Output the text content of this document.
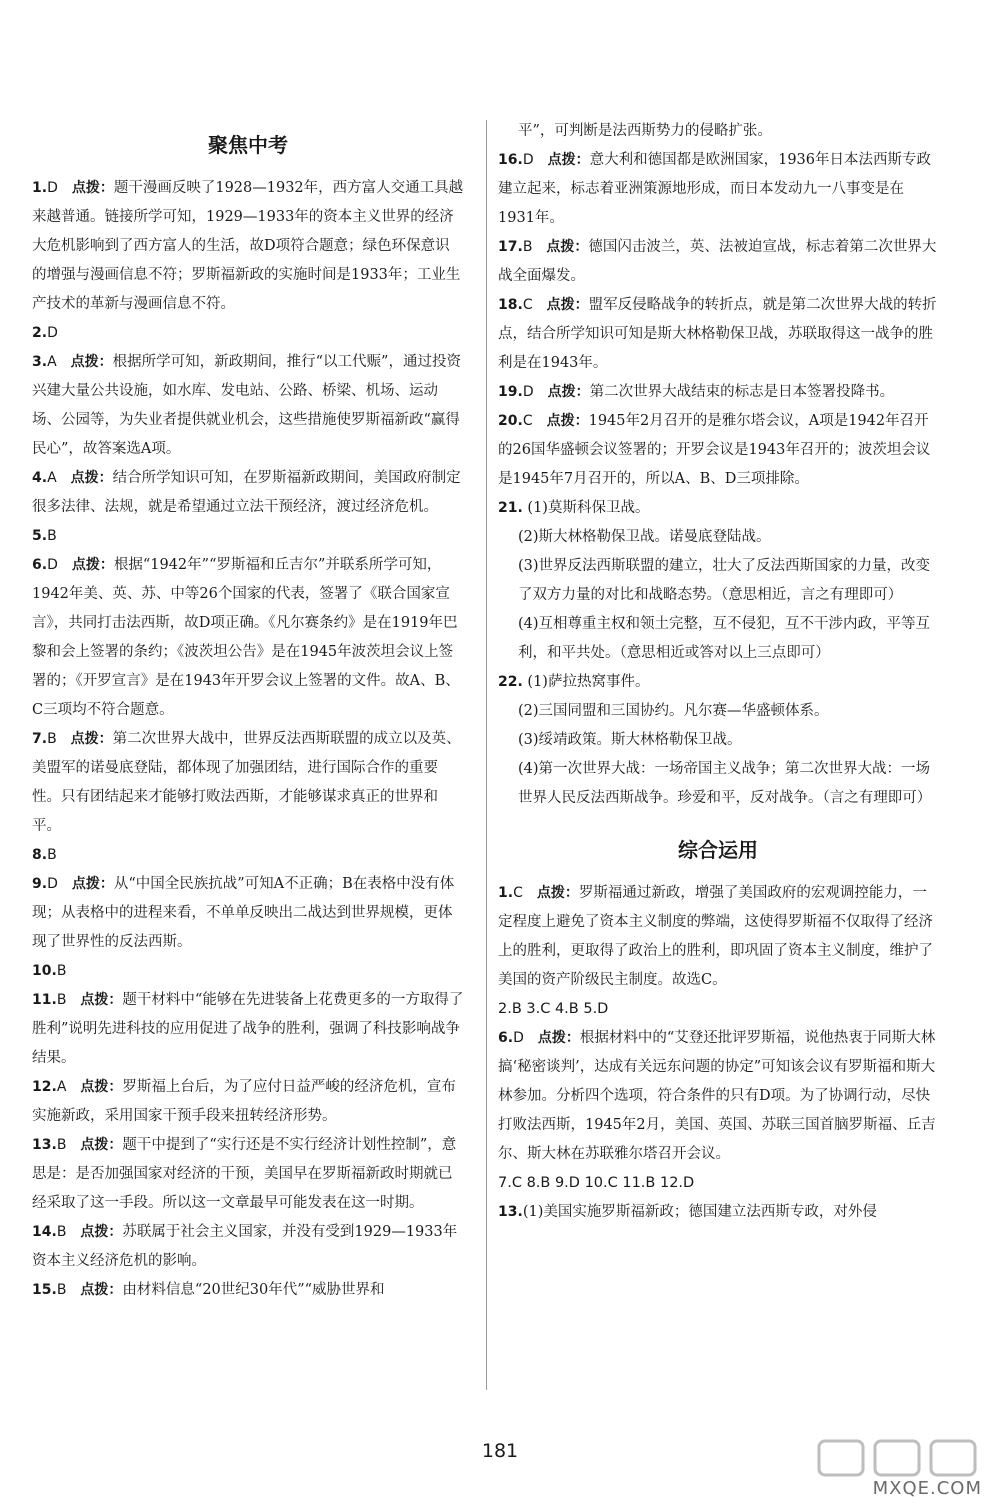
聚焦中考
1.D 点拨：题干漫画反映了1928—1932年，西方富人交通工具越来越普通。链接所学可知，1929—1933年的资本主义世界的经济大危机影响到了西方富人的生活，故D项符合题意；绿色环保意识的增强与漫画信息不符；罗斯福新政的实施时间是1933年；工业生产技术的革新与漫画信息不符。
2.D
3.A 点拨：根据所学可知，新政期间，推行“以工代赈”，通过投资兴建大量公共设施，如水库、发电站、公路、桥梁、机场、运动场、公园等，为失业者提供就业机会，这些措施使罗斯福新政“赢得民心”，故答案选A项。
4.A 点拨：结合所学知识可知，在罗斯福新政期间，美国政府制定很多法律、法规，就是希望通过立法干预经济，渡过经济危机。
5.B
6.D 点拨：根据“1942年”“罗斯福和丘吉尔”并联系所学可知，1942年美、英、苏、中等26个国家的代表，签署了《联合国家宣言》，共同打击法西斯，故D项正确。《凡尔赛条约》是在1919年巴黎和会上签署的条约；《波茨坦公告》是在1945年波茨坦会议上签署的；《开罗宣言》是在1943年开罗会议上签署的文件。故A、B、C三项均不符合题意。
7.B 点拨：第二次世界大战中，世界反法西斯联盟的成立以及英、美盟军的诺曼底登陆，都体现了加强团结，进行国际合作的重要性。只有团结起来才能够打败法西斯，才能够谋求真正的世界和平。
8.B
9.D 点拨：从“中国全民族抗战”可知A不正确；B在表格中没有体现；从表格中的进程来看，不单单反映出二战达到世界规模，更体现了世界性的反法西斯。
10.B
11.B 点拨：题干材料中“能够在先进装备上花费更多的一方取得了胜利”说明先进科技的应用促进了战争的胜利，强调了科技影响战争结果。
12.A 点拨：罗斯福上台后，为了应付日益严峻的经济危机，宣布实施新政，采用国家干预手段来扭转经济形势。
13.B 点拨：题干中提到了“实行还是不实行经济计划性控制”，意思是：是否加强国家对经济的干预，美国早在罗斯福新政时期就已经采取了这一手段。所以这一文章最早可能发表在这一时期。
14.B 点拨：苏联属于社会主义国家，并没有受到1929—1933年资本主义经济危机的影响。
15.B 点拨：由材料信息“20世纪30年代”“威胁世界和
平”，可判断是法西斯势力的侵略扩张。
16.D 点拨：意大利和德国都是欧洲国家，1936年日本法西斯专政建立起来，标志着亚洲策源地形成，而日本发动九一八事变是在1931年。
17.B 点拨：德国闪击波兰，英、法被迫宣战，标志着第二次世界大战全面爆发。
18.C 点拨：盟军反侵略战争的转折点，就是第二次世界大战的转折点，结合所学知识可知是斯大林格勒保卫战，苏联取得这一战争的胜利是在1943年。
19.D 点拨：第二次世界大战结束的标志是日本签署投降书。
20.C 点拨：1945年2月召开的是雅尔塔会议，A项是1942年召开的26国华盛顿会议签署的；开罗会议是1943年召开的；波茨坦会议是1945年7月召开的，所以A、B、D三项排除。
21. (1)莫斯科保卫战。
(2)斯大林格勒保卫战。诺曼底登陆战。
(3)世界反法西斯联盟的建立，壮大了反法西斯国家的力量，改变了双方力量的对比和战略态势。（意思相近，言之有理即可）
(4)互相尊重主权和领土完整，互不侵犯，互不干涉内政，平等互利，和平共处。（意思相近或答对以上三点即可）
22. (1)萨拉热窝事件。
(2)三国同盟和三国协约。凡尔赛—华盛顿体系。
(3)绥靖政策。斯大林格勒保卫战。
(4)第一次世界大战：一场帝国主义战争；第二次世界大战：一场世界人民反法西斯战争。珍爱和平，反对战争。（言之有理即可）
综合运用
1.C 点拨：罗斯福通过新政，增强了美国政府的宏观调控能力，一定程度上避免了资本主义制度的弊端，这使得罗斯福不仅取得了经济上的胜利，更取得了政治上的胜利，即巩固了资本主义制度，维护了美国的资产阶级民主制度。故选C。
2.B 3.C 4.B 5.D
6.D 点拨：根据材料中的“艾登还批评罗斯福，说他热衷于同斯大林搞‘秘密谈判’，达成有关远东问题的协定”可知该会议有罗斯福和斯大林参加。分析四个选项，符合条件的只有D项。为了协调行动，尽快打败法西斯，1945年2月，美国、英国、苏联三国首脑罗斯福、丘吉尔、斯大林在苏联雅尔塔召开会议。
7.C 8.B 9.D 10.C 11.B 12.D
13.(1)美国实施罗斯福新政；德国建立法西斯专政，对外侵
181
MXQE.COM
